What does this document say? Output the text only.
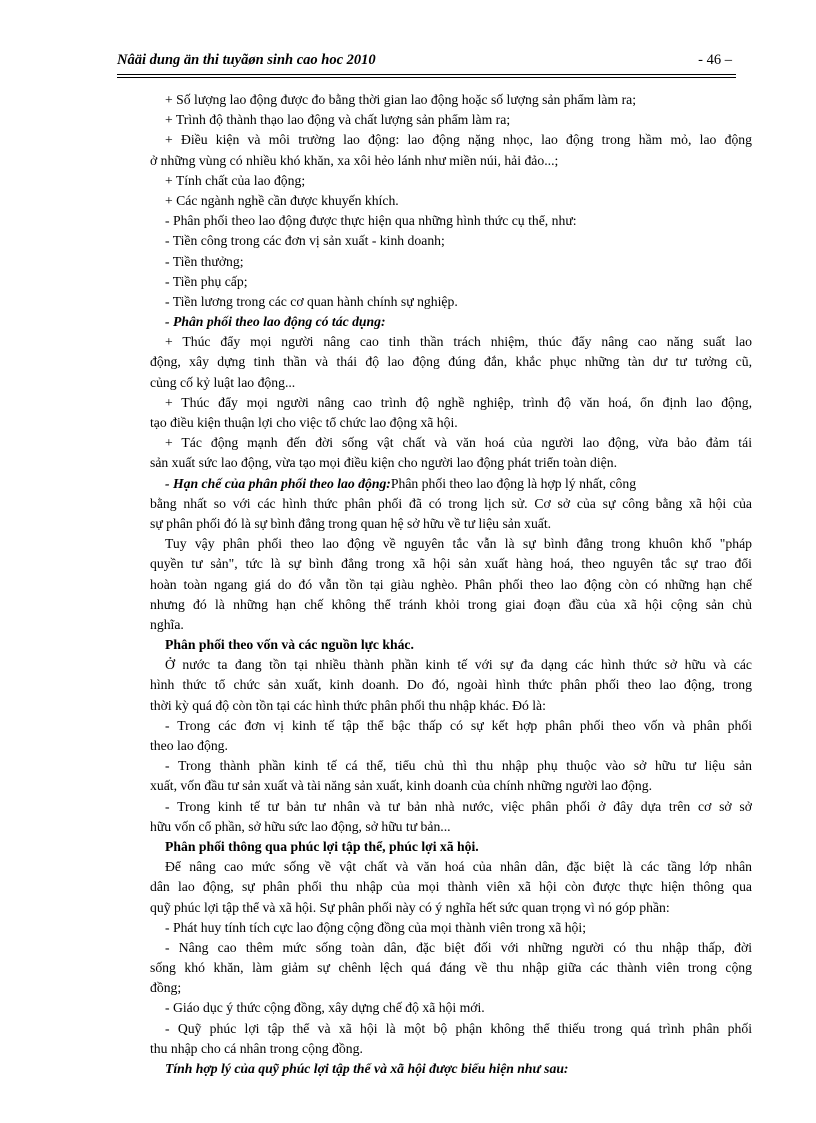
Nâäi dung än thi tuyãøn sinh cao hoc 2010	- 46 –
+ Số lượng lao động được đo bằng thời gian lao động hoặc số lượng sản phẩm làm ra;
+ Trình độ thành thạo lao động và chất lượng sản phẩm làm ra;
+ Điều kiện và môi trường lao động: lao động nặng nhọc, lao động trong hầm mỏ, lao động
ở những vùng có nhiều khó khăn, xa xôi hẻo lánh như miền núi, hải đảo...;
+ Tính chất của lao động;
+ Các ngành nghề cần được khuyến khích.
- Phân phối theo lao động được thực hiện qua những hình thức cụ thể, như:
- Tiền công trong các đơn vị sản xuất - kinh doanh;
- Tiền thưởng;
- Tiền phụ cấp;
- Tiền lương trong các cơ quan hành chính sự nghiệp.
- Phân phối theo lao động có tác dụng:
+ Thúc đẩy mọi người nâng cao tinh thần trách nhiệm, thúc đẩy nâng cao năng suất lao
động, xây dựng tinh thần và thái độ lao động đúng đắn, khắc phục những tàn dư tư tưởng cũ,
củng cố kỷ luật lao động...
+ Thúc đẩy mọi người nâng cao trình độ nghề nghiệp, trình độ văn hoá, ổn định lao động,
tạo điều kiện thuận lợi cho việc tổ chức lao động xã hội.
+ Tác động mạnh đến đời sống vật chất và văn hoá của người lao động, vừa bảo đảm tái
sản xuất sức lao động, vừa tạo mọi điều kiện cho người lao động phát triển toàn diện.
- Hạn chế của phân phối theo lao động: Phân phối theo lao động là hợp lý nhất, công
bằng nhất so với các hình thức phân phối đã có trong lịch sử. Cơ sở của sự công bằng xã hội của
sự phân phối đó là sự bình đẳng trong quan hệ sở hữu về tư liệu sản xuất.
Tuy vậy phân phối theo lao động về nguyên tắc vẫn là sự bình đẳng trong khuôn khổ "pháp
quyền tư sản", tức là sự bình đẳng trong xã hội sản xuất hàng hoá, theo nguyên tắc sự trao đổi
hoàn toàn ngang giá do đó vẫn tồn tại giàu nghèo. Phân phối theo lao động còn có những hạn chế
nhưng đó là những hạn chế không thể tránh khỏi trong giai đoạn đầu của xã hội cộng sản chủ
nghĩa.
Phân phối theo vốn và các nguồn lực khác.
Ở nước ta đang tồn tại nhiều thành phần kinh tế với sự đa dạng các hình thức sở hữu và các
hình thức tổ chức sản xuất, kinh doanh. Do đó, ngoài hình thức phân phối theo lao động, trong
thời kỳ quá độ còn tồn tại các hình thức phân phối thu nhập khác. Đó là:
- Trong các đơn vị kinh tế tập thể bậc thấp có sự kết hợp phân phối theo vốn và phân phối
theo lao động.
- Trong thành phần kinh tế cá thể, tiểu chủ thì thu nhập phụ thuộc vào sở hữu tư liệu sản
xuất, vốn đầu tư sản xuất và tài năng sản xuất, kinh doanh của chính những người lao động.
- Trong kinh tế tư bản tư nhân và tư bản nhà nước, việc phân phối ở đây dựa trên cơ sở sở
hữu vốn cổ phần, sở hữu sức lao động, sở hữu tư bản...
Phân phối thông qua phúc lợi tập thể, phúc lợi xã hội.
Để nâng cao mức sống về vật chất và văn hoá của nhân dân, đặc biệt là các tầng lớp nhân
dân lao động, sự phân phối thu nhập của mọi thành viên xã hội còn được thực hiện thông qua
quỹ phúc lợi tập thể và xã hội. Sự phân phối này có ý nghĩa hết sức quan trọng vì nó góp phần:
- Phát huy tính tích cực lao động cộng đồng của mọi thành viên trong xã hội;
- Nâng cao thêm mức sống toàn dân, đặc biệt đối với những người có thu nhập thấp, đời
sống khó khăn, làm giảm sự chênh lệch quá đáng về thu nhập giữa các thành viên trong cộng
đồng;
- Giáo dục ý thức cộng đồng, xây dựng chế độ xã hội mới.
- Quỹ phúc lợi tập thể và xã hội là một bộ phận không thể thiếu trong quá trình phân phối
thu nhập cho cá nhân trong cộng đồng.
Tính hợp lý của quỹ phúc lợi tập thể và xã hội được biểu hiện như sau:
